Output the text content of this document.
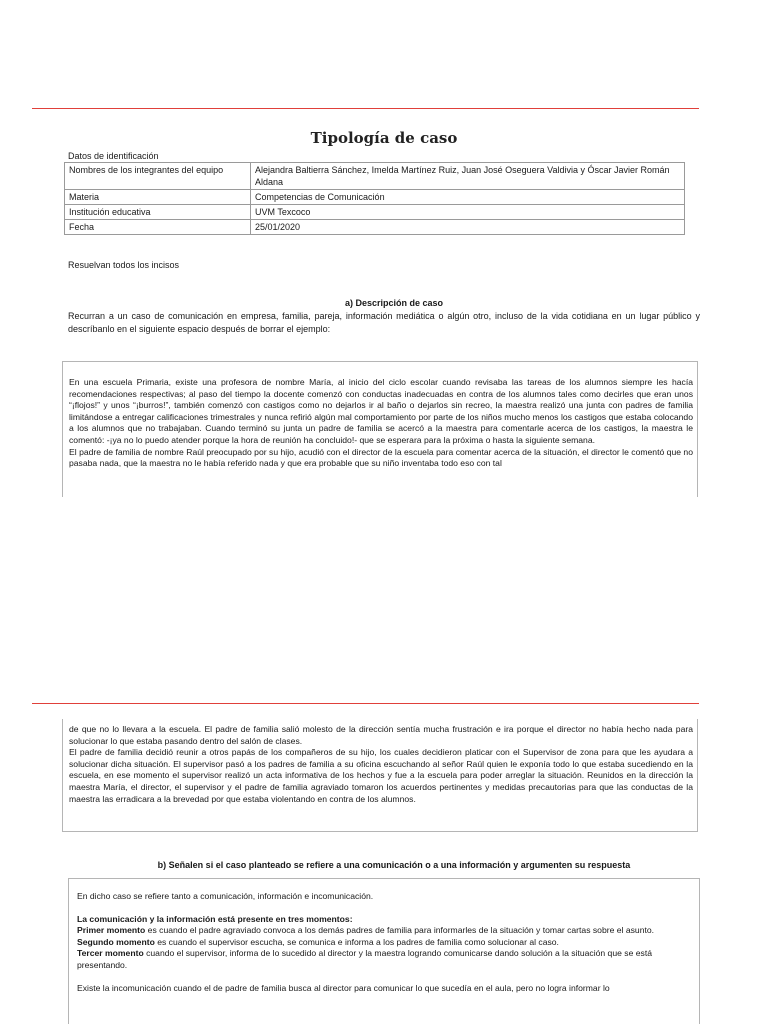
Tipología de caso
Datos de identificación
Nombres de los integrantes del equipo	Alejandra Baltierra Sánchez, Imelda Martínez Ruiz, Juan José Oseguera Valdivia y Óscar Javier Román Aldana
Materia	Competencias de Comunicación
Institución educativa	UVM Texcoco
Fecha	25/01/2020
Resuelvan todos los incisos
a) Descripción de caso
Recurran a un caso de comunicación en empresa, familia, pareja, información mediática o algún otro, incluso de la vida cotidiana en un lugar público y descríbanlo en el siguiente espacio después de borrar el ejemplo:

En una escuela Primaria, existe una profesora de nombre María, al inicio del ciclo escolar cuando revisaba las tareas de los alumnos siempre les hacía recomendaciones respectivas; al paso del tiempo la docente comenzó con conductas inadecuadas en contra de los alumnos tales como decirles que eran unos “¡flojos!” y unos “¡burros!”, también comenzó con castigos como no dejarlos ir al baño o dejarlos sin recreo, la maestra realizó una junta con padres de familia limitándose a entregar calificaciones trimestrales y nunca refirió algún mal comportamiento por parte de los niños mucho menos los castigos que estaba colocando a los alumnos que no trabajaban. Cuando terminó su junta un padre de familia se acercó a la maestra para comentarle acerca de los castigos, la maestra le comentó: -¡ya no lo puedo atender porque la hora de reunión ha concluido!- que se esperara para la próxima o hasta la siguiente semana.

El padre de familia de nombre Raúl preocupado por su hijo, acudió con el director de la escuela para comentar acerca de la situación, el director le comentó que no pasaba nada, que la maestra no le había referido nada y que era probable que su niño inventaba todo eso con tal

de que no lo llevara a la escuela. El padre de familia salió molesto de la dirección sentía mucha frustración e ira porque el director no había hecho nada para solucionar lo que estaba pasando dentro del salón de clases.

El padre de familia decidió reunir a otros papás de los compañeros de su hijo, los cuales decidieron platicar con el Supervisor de zona para que les ayudara a solucionar dicha situación. El supervisor pasó a los padres de familia a su oficina escuchando al señor Raúl quien le exponía todo lo que estaba sucediendo en la escuela, en ese momento el supervisor realizó un acta informativa de los hechos y fue a la escuela para poder arreglar la situación. Reunidos en la dirección la maestra María, el director, el supervisor y el padre de familia agraviado tomaron los acuerdos pertinentes y medidas precautorias para que las conductas de la maestra las erradicara a la brevedad por que estaba violentando en contra de los alumnos.

b) Señalen si el caso planteado se refiere a una comunicación o a una información y argumenten su respuesta

En dicho caso se refiere tanto a comunicación, información e incomunicación.

La comunicación y la información está presente en tres momentos:

Primer momento es cuando el padre agraviado convoca a los demás padres de familia para informarles de la situación y tomar cartas sobre el asunto.

Segundo momento es cuando el supervisor escucha, se comunica e informa a los padres de familia como solucionar al caso.

Tercer momento cuando el supervisor, informa de lo sucedido al director y la maestra logrando comunicarse dando solución a la situación que se está presentando.

Existe la incomunicación cuando el de padre de familia busca al director para comunicar lo que sucedía en el aula, pero no logra informar lo
